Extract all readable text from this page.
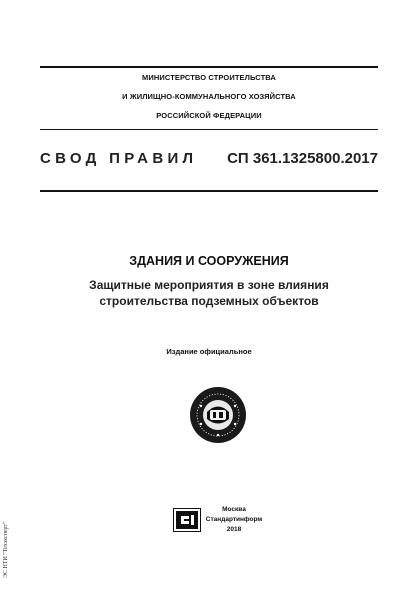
МИНИСТЕРСТВО СТРОИТЕЛЬСТВА
И ЖИЛИЩНО-КОММУНАЛЬНОГО ХОЗЯЙСТВА
РОССИЙСКОЙ ФЕДЕРАЦИИ
СВОД ПРАВИЛ СП 361.1325800.2017
ЗДАНИЯ И СООРУЖЕНИЯ
Защитные мероприятия в зоне влияния
строительства подземных объектов
Издание официальное
Москва
Стандартинформ
2018
ЭС НТИ "Техэксперт"
